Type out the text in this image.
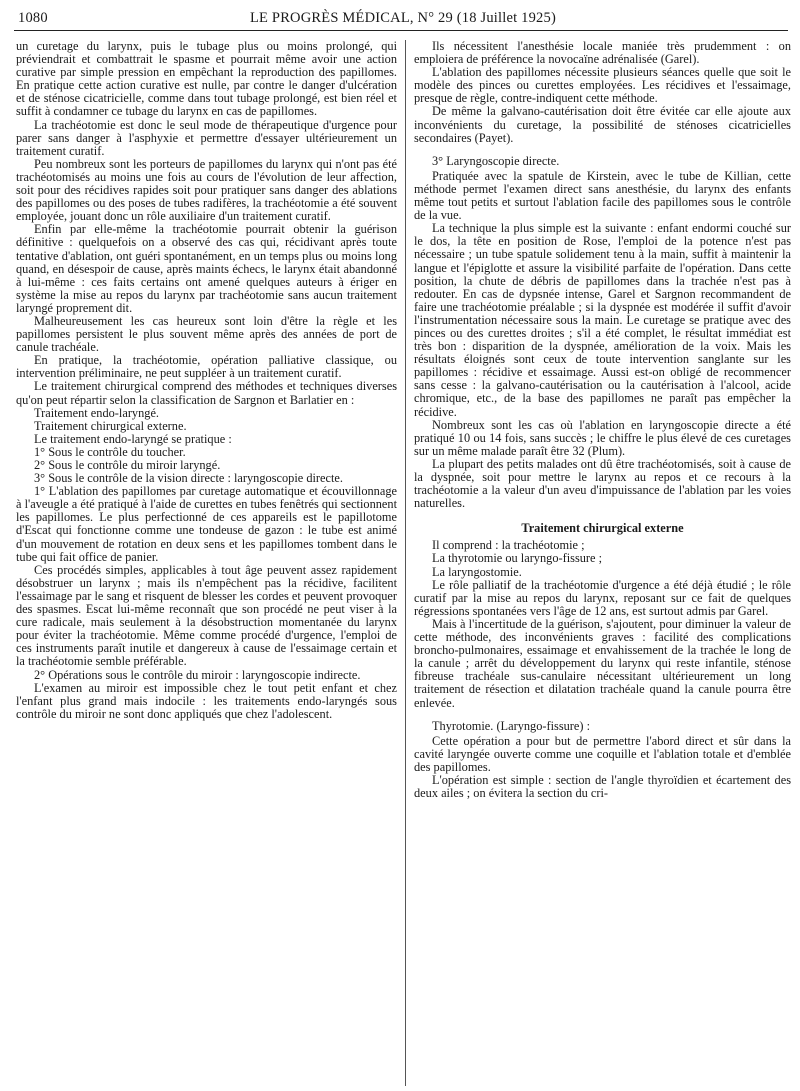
1080	LE PROGRÈS MÉDICAL, N° 29 (18 Juillet 1925)

un curetage du larynx, puis le tubage plus ou moins prolongé, qui préviendrait et combattrait le spasme et pourrait même avoir une action curative par simple pression en empêchant la reproduction des papillomes. En pratique cette action curative est nulle, par contre le danger d'ulcération et de sténose cicatricielle, comme dans tout tubage prolongé, est bien réel et suffit à condamner ce tubage du larynx en cas de papillomes.

La trachéotomie est donc le seul mode de thérapeutique d'urgence pour parer sans danger à l'asphyxie et permettre d'essayer ultérieurement un traitement curatif.

Peu nombreux sont les porteurs de papillomes du larynx qui n'ont pas été trachéotomisés au moins une fois au cours de l'évolution de leur affection, soit pour des récidives rapides soit pour pratiquer sans danger des ablations des papillomes ou des poses de tubes radifères, la trachéotomie a été souvent employée, jouant donc un rôle auxiliaire d'un traitement curatif.

Enfin par elle-même la trachéotomie pourrait obtenir la guérison définitive : quelquefois on a observé des cas qui, récidivant après toute tentative d'ablation, ont guéri spontanément, en un temps plus ou moins long quand, en désespoir de cause, après maints échecs, le larynx était abandonné à lui-même : ces faits certains ont amené quelques auteurs à ériger en système la mise au repos du larynx par trachéotomie sans aucun traitement laryngé proprement dit.

Malheureusement les cas heureux sont loin d'être la règle et les papillomes persistent le plus souvent même après des années de port de canule trachéale.

En pratique, la trachéotomie, opération palliative classique, ou intervention préliminaire, ne peut suppléer à un traitement curatif.

Le traitement chirurgical comprend des méthodes et techniques diverses qu'on peut répartir selon la classification de Sargnon et Barlatier en :

Traitement endo-laryngé.

Traitement chirurgical externe.

Le traitement endo-laryngé se pratique :

1° Sous le contrôle du toucher.

2° Sous le contrôle du miroir laryngé.

3° Sous le contrôle de la vision directe : laryngoscopie directe.

1° L'ablation des papillomes par curetage automatique et écouvillonnage à l'aveugle a été pratiqué à l'aide de curettes en tubes fenêtrés qui sectionnent les papillomes. Le plus perfectionné de ces appareils est le papillotome d'Escat qui fonctionne comme une tondeuse de gazon : le tube est animé d'un mouvement de rotation en deux sens et les papillomes tombent dans le tube qui fait office de panier.

Ces procédés simples, applicables à tout âge peuvent assez rapidement désobstruer un larynx ; mais ils n'empêchent pas la récidive, facilitent l'essaimage par le sang et risquent de blesser les cordes et peuvent provoquer des spasmes. Escat lui-même reconnaît que son procédé ne peut viser à la cure radicale, mais seulement à la désobstruction momentanée du larynx pour éviter la trachéotomie. Même comme procédé d'urgence, l'emploi de ces instruments paraît inutile et dangereux à cause de l'essaimage certain et la trachéotomie semble préférable.

2° Opérations sous le contrôle du miroir : laryngoscopie indirecte.

L'examen au miroir est impossible chez le tout petit enfant et chez l'enfant plus grand mais indocile : les traitements endo-laryngés sous contrôle du miroir ne sont donc appliqués que chez l'adolescent.

Ils nécessitent l'anesthésie locale maniée très prudemment : on emploiera de préférence la novocaïne adrénalisée (Garel).

L'ablation des papillomes nécessite plusieurs séances quelle que soit le modèle des pinces ou curettes employées. Les récidives et l'essaimage, presque de règle, contre-indiquent cette méthode.

De même la galvano-cautérisation doit être évitée car elle ajoute aux inconvénients du curetage, la possibilité de sténoses cicatricielles secondaires (Payet).

3° Laryngoscopie directe.

Pratiquée avec la spatule de Kirstein, avec le tube de Killian, cette méthode permet l'examen direct sans anesthésie, du larynx des enfants même tout petits et surtout l'ablation facile des papillomes sous le contrôle de la vue.

La technique la plus simple est la suivante : enfant endormi couché sur le dos, la tête en position de Rose, l'emploi de la potence n'est pas nécessaire ; un tube spatule solidement tenu à la main, suffit à maintenir la langue et l'épiglotte et assure la visibilité parfaite de l'opération. Dans cette position, la chute de débris de papillomes dans la trachée n'est pas à redouter. En cas de dypsnée intense, Garel et Sargnon recommandent de faire une trachéotomie préalable ; si la dyspnée est modérée il suffit d'avoir l'instrumentation nécessaire sous la main. Le curetage se pratique avec des pinces ou des curettes droites ; s'il a été complet, le résultat immédiat est très bon : disparition de la dyspnée, amélioration de la voix. Mais les résultats éloignés sont ceux de toute intervention sanglante sur les papillomes : récidive et essaimage. Aussi est-on obligé de recommencer sans cesse : la galvano-cautérisation ou la cautérisation à l'alcool, acide chromique, etc., de la base des papillomes ne paraît pas empêcher la récidive.

Nombreux sont les cas où l'ablation en laryngoscopie directe a été pratiqué 10 ou 14 fois, sans succès ; le chiffre le plus élevé de ces curetages sur un même malade paraît être 32 (Plum).

La plupart des petits malades ont dû être trachéotomisés, soit à cause de la dyspnée, soit pour mettre le larynx au repos et ce recours à la trachéotomie a la valeur d'un aveu d'impuissance de l'ablation par les voies naturelles.

Traitement chirurgical externe

Il comprend : la trachéotomie ;

La thyrotomie ou laryngo-fissure ;

La laryngostomie.

Le rôle palliatif de la trachéotomie d'urgence a été déjà étudié ; le rôle curatif par la mise au repos du larynx, reposant sur ce fait de quelques régressions spontanées vers l'âge de 12 ans, est surtout admis par Garel.

Mais à l'incertitude de la guérison, s'ajoutent, pour diminuer la valeur de cette méthode, des inconvénients graves : facilité des complications broncho-pulmonaires, essaimage et envahissement de la trachée le long de la canule ; arrêt du développement du larynx qui reste infantile, sténose fibreuse trachéale sus-canulaire nécessitant ultérieurement un long traitement de résection et dilatation trachéale quand la canule pourra être enlevée.

Thyrotomie. (Laryngo-fissure) :

Cette opération a pour but de permettre l'abord direct et sûr dans la cavité laryngée ouverte comme une coquille et l'ablation totale et d'emblée des papillomes.

L'opération est simple : section de l'angle thyroïdien et écartement des deux ailes ; on évitera la section du cri-
